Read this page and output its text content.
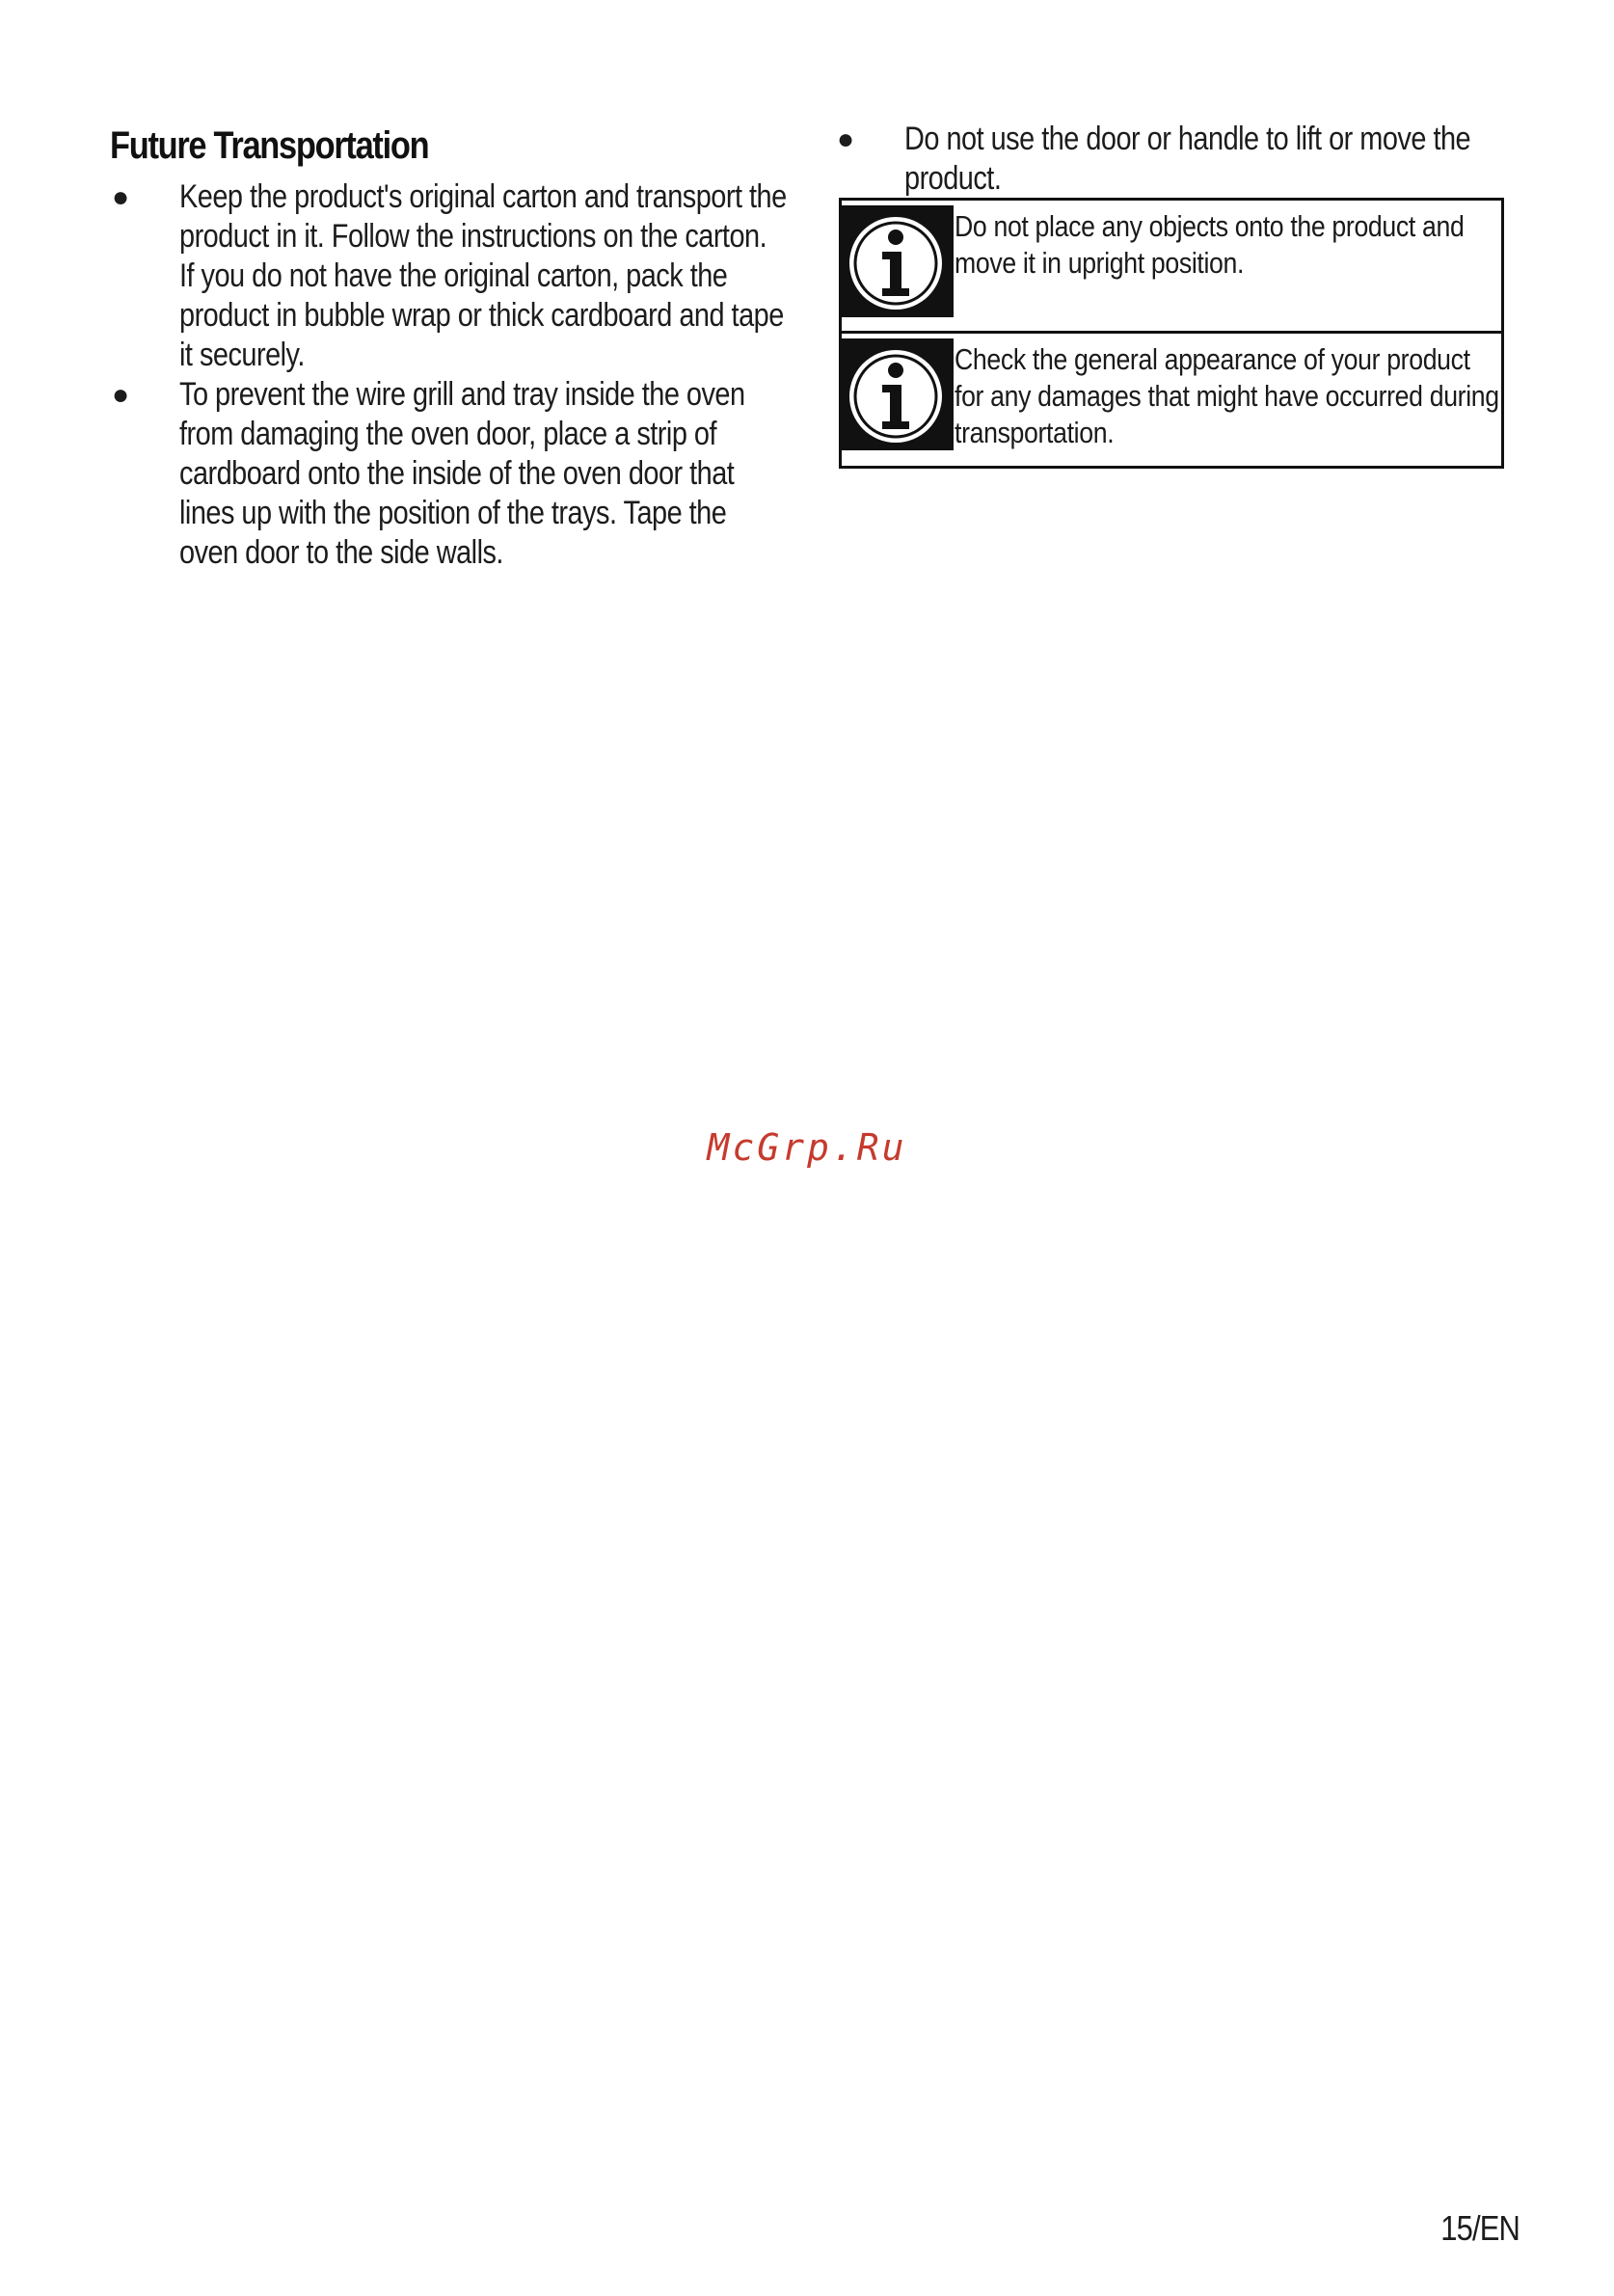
Future Transportation
● Keep the product's original carton and transport the product in it. Follow the instructions on the carton. If you do not have the original carton, pack the product in bubble wrap or thick cardboard and tape it securely.
● To prevent the wire grill and tray inside the oven from damaging the oven door, place a strip of cardboard onto the inside of the oven door that lines up with the position of the trays. Tape the oven door to the side walls.
● Do not use the door or handle to lift or move the product.
Do not place any objects onto the product and move it in upright position.
Check the general appearance of your product for any damages that might have occurred during transportation.
McGrp.Ru
15/EN
